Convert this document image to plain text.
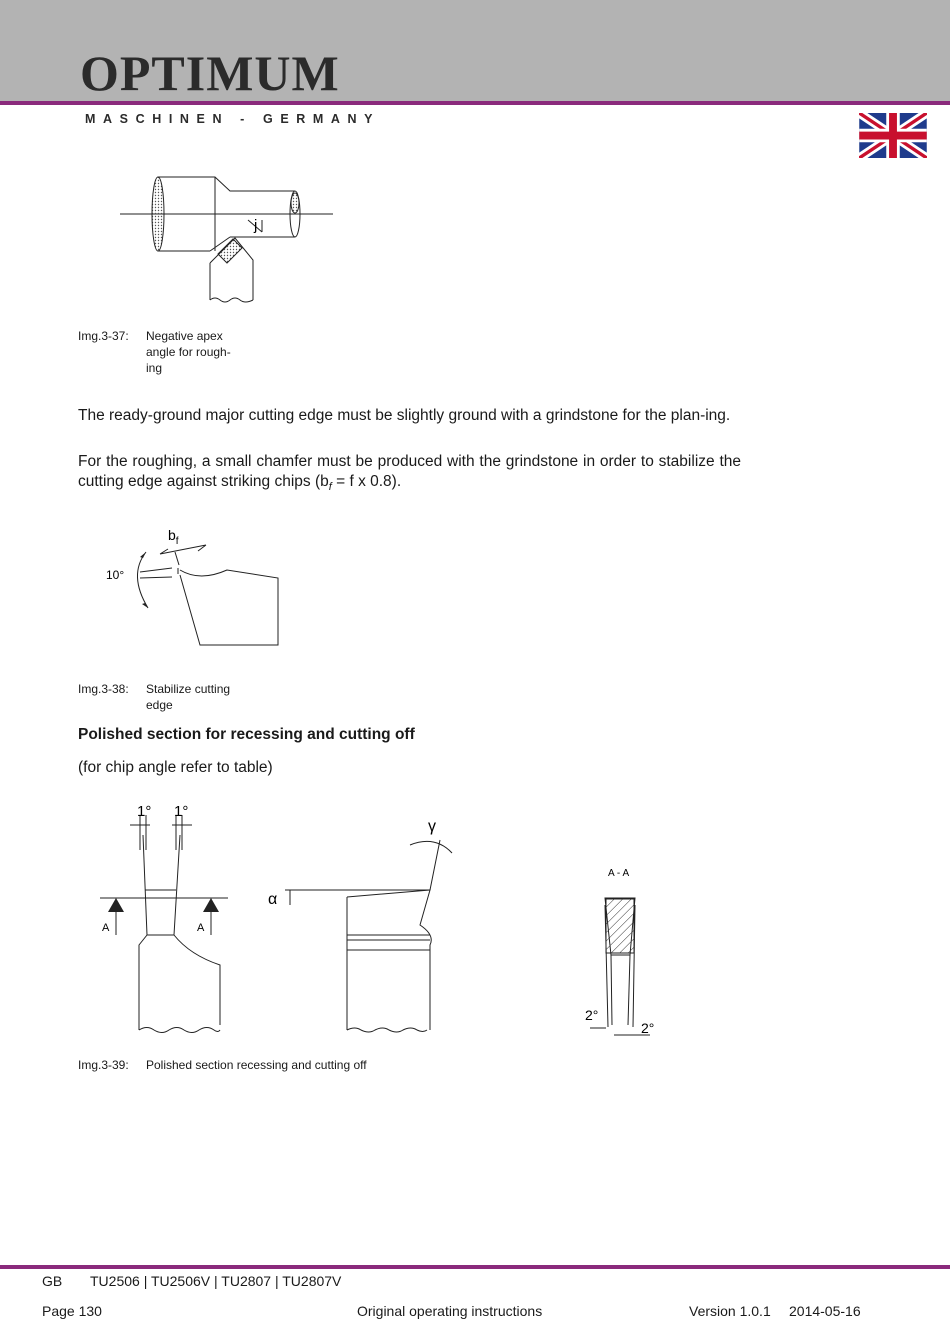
OPTIMUM
MASCHINEN - GERMANY
j
Img.3-37: Negative apex angle for rough-ing

The ready-ground major cutting edge must be slightly ground with a grindstone for the plan-ing.

For the roughing, a small chamfer must be produced with the grindstone in order to stabilize the cutting edge against striking chips ($b_f = f$ x 0.8).

10°
$b_f$
Img.3-38: Stabilize cutting edge

Polished section for recessing and cutting off

(for chip angle refer to table)

1° 1°
A	A
γ
α
A - A
2°
2°
Img.3-39: Polished section recessing and cutting off
GB TU2506 | TU2506V | TU2807 | TU2807V
Page 130	Original operating instructions	Version 1.0.1 2014-05-16
